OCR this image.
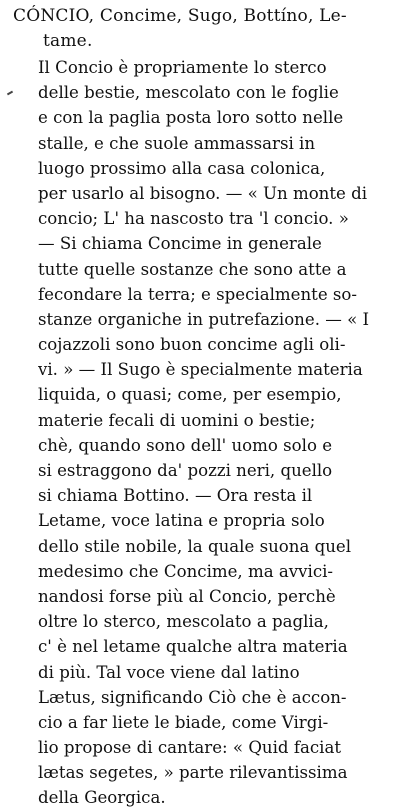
CÓNCIO, Concime, Sugo, Bottíno, Le-
tame.
Il Concio è propriamente lo sterco
delle bestie, mescolato con le foglie
e con la paglia posta loro sotto nelle
stalle, e che suole ammassarsi in
luogo prossimo alla casa colonica,
per usarlo al bisogno. — « Un monte di
concio; L' ha nascosto tra 'l concio. »
— Si chiama Concime in generale
tutte quelle sostanze che sono atte a
fecondare la terra; e specialmente so-
stanze organiche in putrefazione. — « I
cojazzoli sono buon concime agli oli-
vi. » — Il Sugo è specialmente materia
liquida, o quasi; come, per esempio,
materie fecali di uomini o bestie;
chè, quando sono dell' uomo solo e
si estraggono da' pozzi neri, quello
si chiama Bottino. — Ora resta il
Letame, voce latina e propria solo
dello stile nobile, la quale suona quel
medesimo che Concime, ma avvici-
nandosi forse più al Concio, perchè
oltre lo sterco, mescolato a paglia,
c' è nel letame qualche altra materia
di più. Tal voce viene dal latino
Lætus, significando Ciò che è accon-
cio a far liete le biade, come Virgi-
lio propose di cantare: « Quid faciat
lætas segetes, » parte rilevantissima
della Georgica.
